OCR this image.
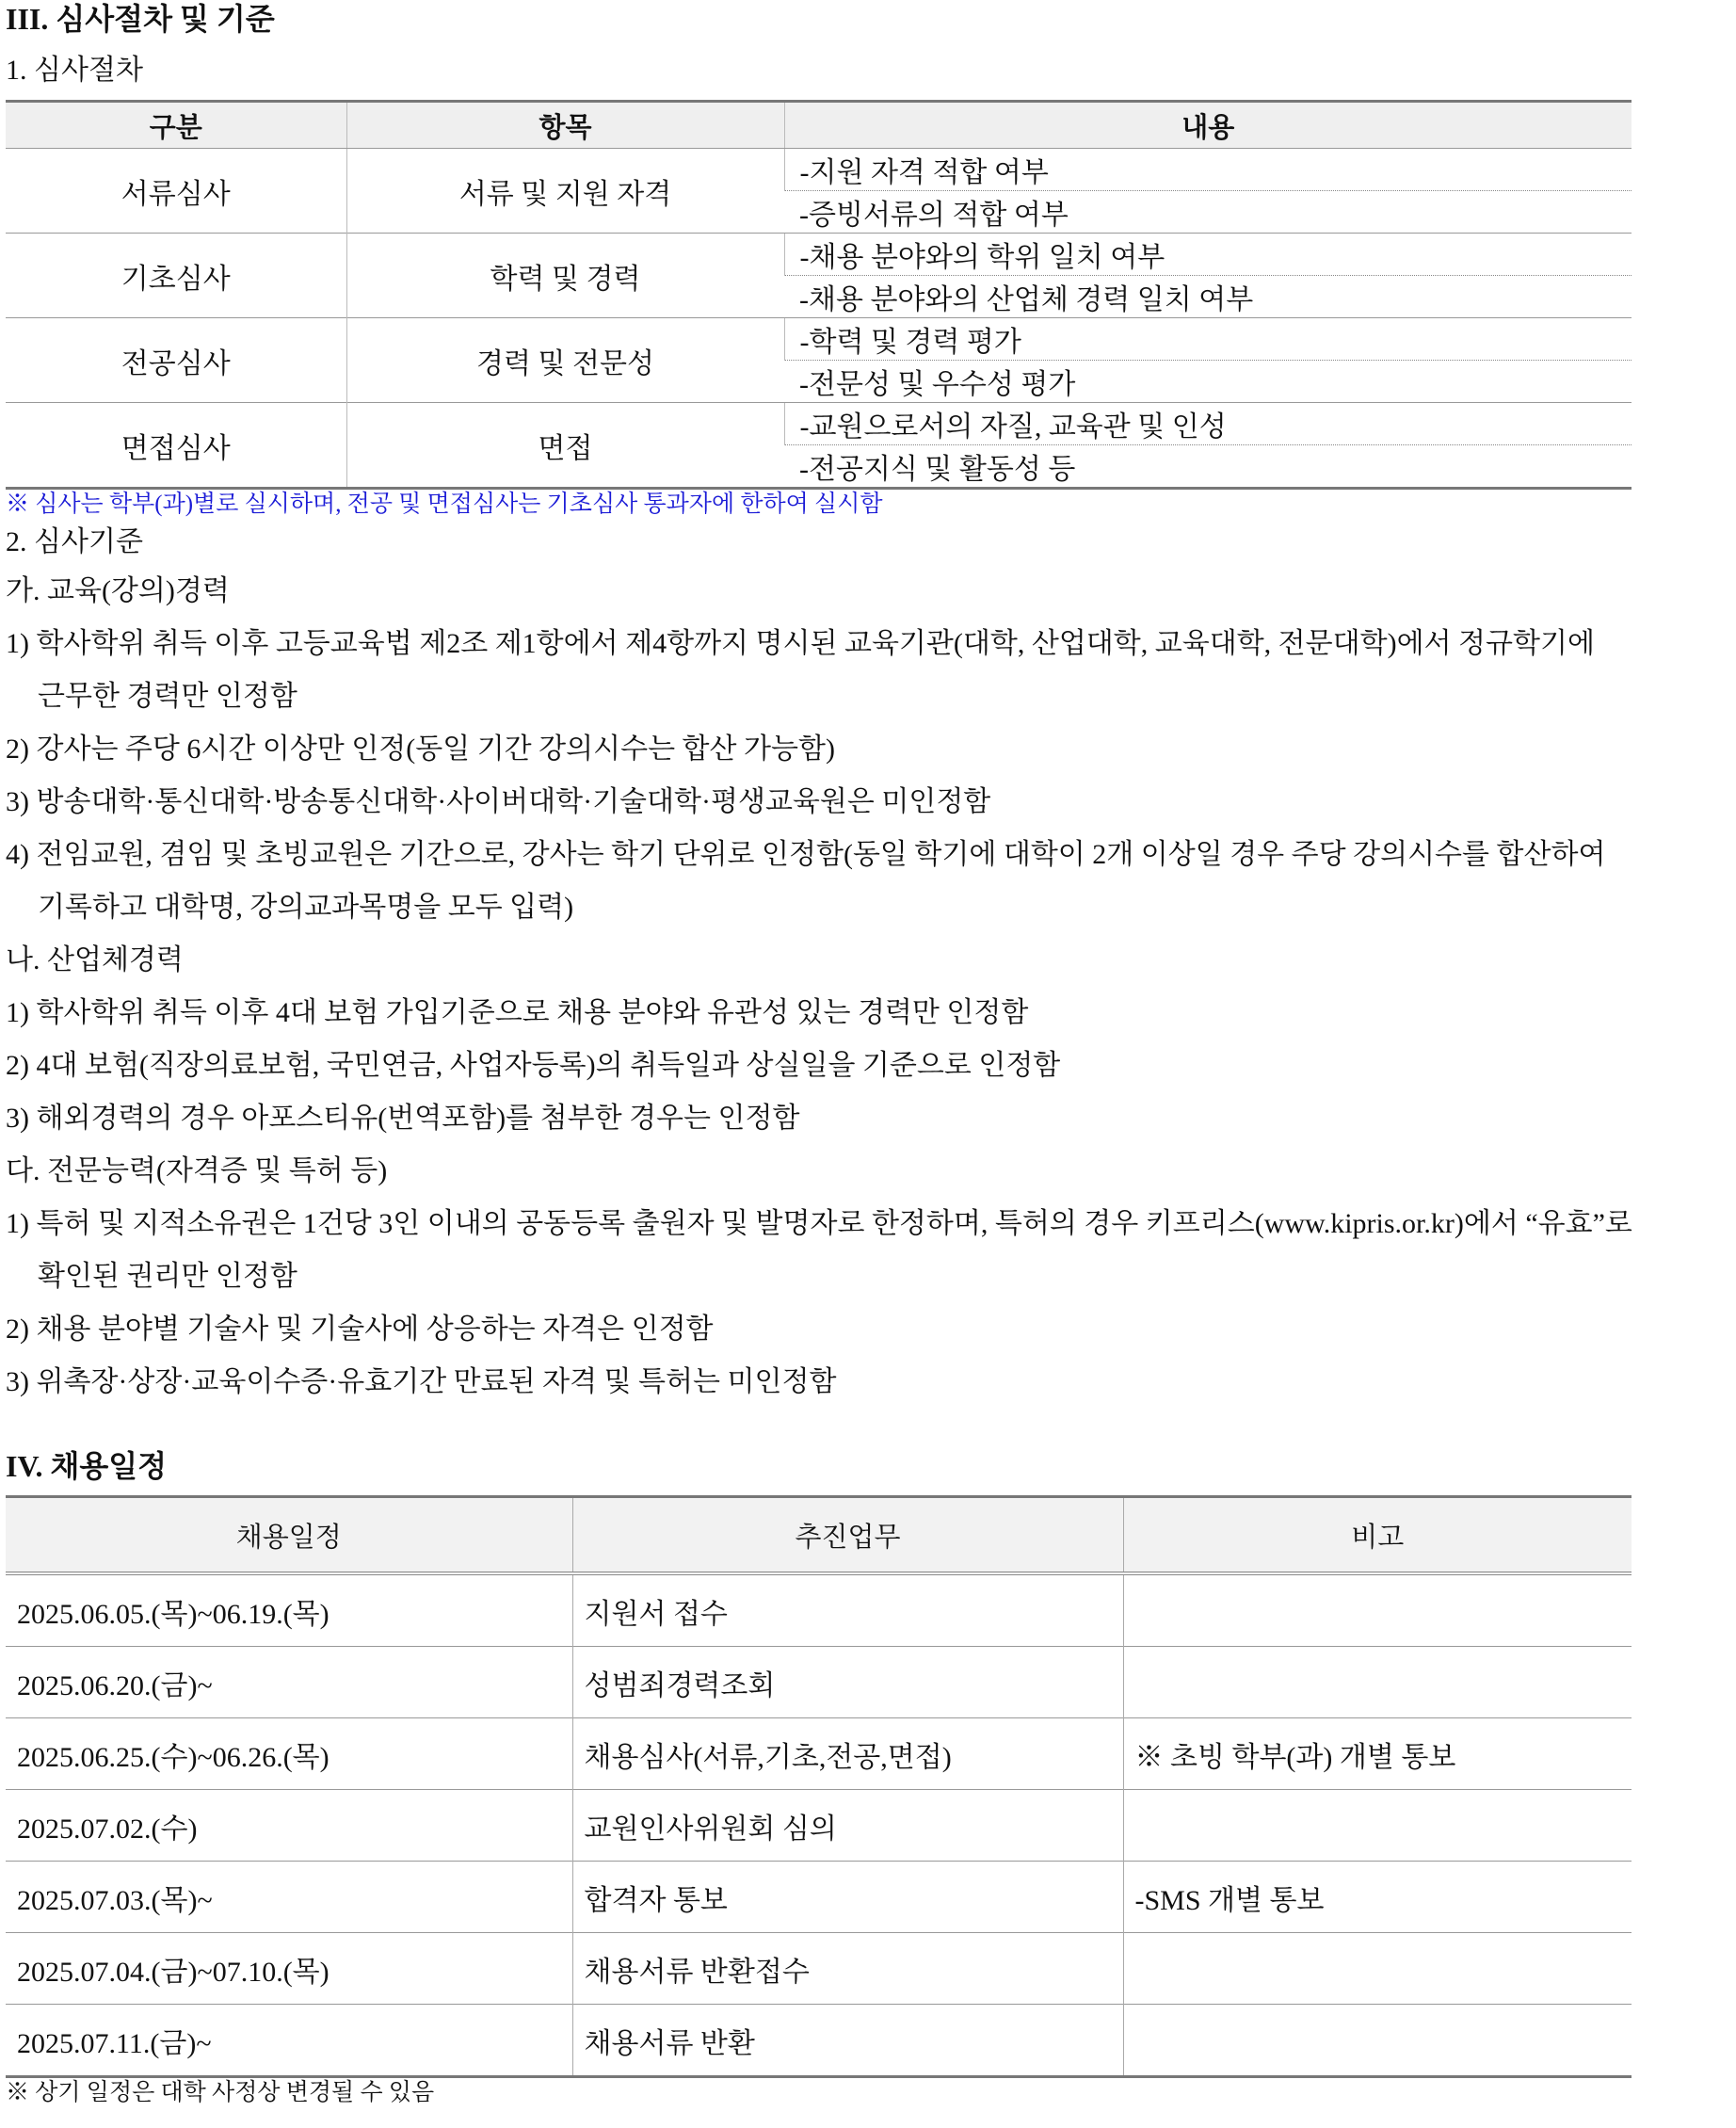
III. 심사절차 및 기준
1. 심사절차
구분	항목	내용
서류심사	서류 및 지원 자격	-지원 자격 적합 여부
		-증빙서류의 적합 여부
기초심사	학력 및 경력	-채용 분야와의 학위 일치 여부
		-채용 분야와의 산업체 경력 일치 여부
전공심사	경력 및 전문성	-학력 및 경력 평가
		-전문성 및 우수성 평가
면접심사	면접	-교원으로서의 자질, 교육관 및 인성
		-전공지식 및 활동성 등
※ 심사는 학부(과)별로 실시하며, 전공 및 면접심사는 기초심사 통과자에 한하여 실시함
2. 심사기준
가. 교육(강의)경력
1) 학사학위 취득 이후 고등교육법 제2조 제1항에서 제4항까지 명시된 교육기관(대학, 산업대학, 교육대학, 전문대학)에서 정규학기에
근무한 경력만 인정함
2) 강사는 주당 6시간 이상만 인정(동일 기간 강의시수는 합산 가능함)
3) 방송대학·통신대학·방송통신대학·사이버대학·기술대학·평생교육원은 미인정함
4) 전임교원, 겸임 및 초빙교원은 기간으로, 강사는 학기 단위로 인정함(동일 학기에 대학이 2개 이상일 경우 주당 강의시수를 합산하여
기록하고 대학명, 강의교과목명을 모두 입력)
나. 산업체경력
1) 학사학위 취득 이후 4대 보험 가입기준으로 채용 분야와 유관성 있는 경력만 인정함
2) 4대 보험(직장의료보험, 국민연금, 사업자등록)의 취득일과 상실일을 기준으로 인정함
3) 해외경력의 경우 아포스티유(번역포함)를 첨부한 경우는 인정함
다. 전문능력(자격증 및 특허 등)
1) 특허 및 지적소유권은 1건당 3인 이내의 공동등록 출원자 및 발명자로 한정하며, 특허의 경우 키프리스(www.kipris.or.kr)에서 “유효”로
확인된 권리만 인정함
2) 채용 분야별 기술사 및 기술사에 상응하는 자격은 인정함
3) 위촉장·상장·교육이수증·유효기간 만료된 자격 및 특허는 미인정함
IV. 채용일정
채용일정	추진업무	비고
2025.06.05.(목)~06.19.(목)	지원서 접수	
2025.06.20.(금)~	성범죄경력조회	
2025.06.25.(수)~06.26.(목)	채용심사(서류,기초,전공,면접)	※ 초빙 학부(과) 개별 통보
2025.07.02.(수)	교원인사위원회 심의	
2025.07.03.(목)~	합격자 통보	-SMS 개별 통보
2025.07.04.(금)~07.10.(목)	채용서류 반환접수	
2025.07.11.(금)~	채용서류 반환	
※ 상기 일정은 대학 사정상 변경될 수 있음
